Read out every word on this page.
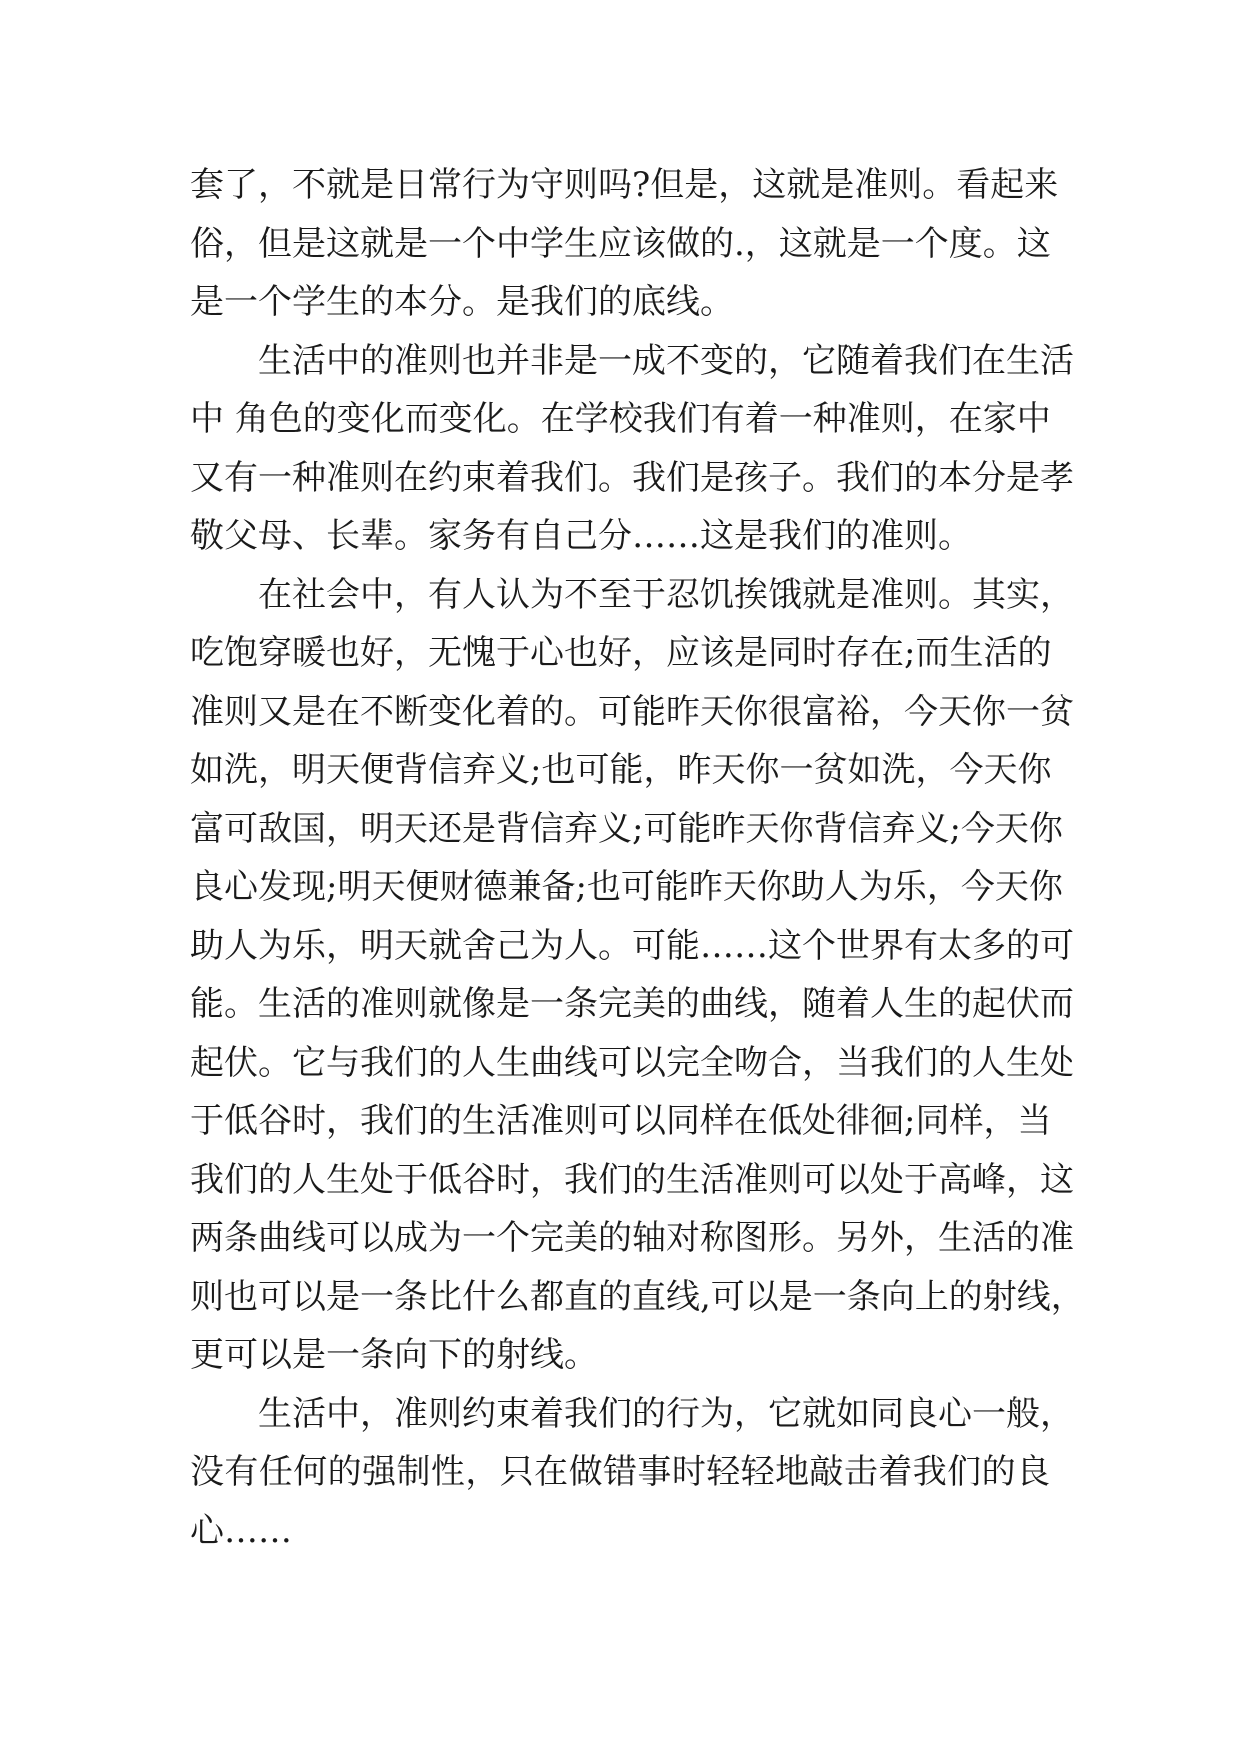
套了，不就是日常行为守则吗?但是，这就是准则。看起来
俗，但是这就是一个中学生应该做的.，这就是一个度。这
是一个学生的本分。是我们的底线。
生活中的准则也并非是一成不变的，它随着我们在生活
中 角色的变化而变化。在学校我们有着一种准则，在家中
又有一种准则在约束着我们。我们是孩子。我们的本分是孝
敬父母、长辈。家务有自己分……这是我们的准则。
在社会中，有人认为不至于忍饥挨饿就是准则。其实，
吃饱穿暖也好，无愧于心也好，应该是同时存在;而生活的
准则又是在不断变化着的。可能昨天你很富裕，今天你一贫
如洗，明天便背信弃义;也可能，昨天你一贫如洗，今天你
富可敌国，明天还是背信弃义;可能昨天你背信弃义;今天你
良心发现;明天便财德兼备;也可能昨天你助人为乐，今天你
助人为乐，明天就舍己为人。可能……这个世界有太多的可
能。生活的准则就像是一条完美的曲线，随着人生的起伏而
起伏。它与我们的人生曲线可以完全吻合，当我们的人生处
于低谷时，我们的生活准则可以同样在低处徘徊;同样，当
我们的人生处于低谷时，我们的生活准则可以处于高峰，这
两条曲线可以成为一个完美的轴对称图形。另外，生活的准
则也可以是一条比什么都直的直线,可以是一条向上的射线，
更可以是一条向下的射线。
生活中，准则约束着我们的行为，它就如同良心一般，
没有任何的强制性，只在做错事时轻轻地敲击着我们的良
心……
